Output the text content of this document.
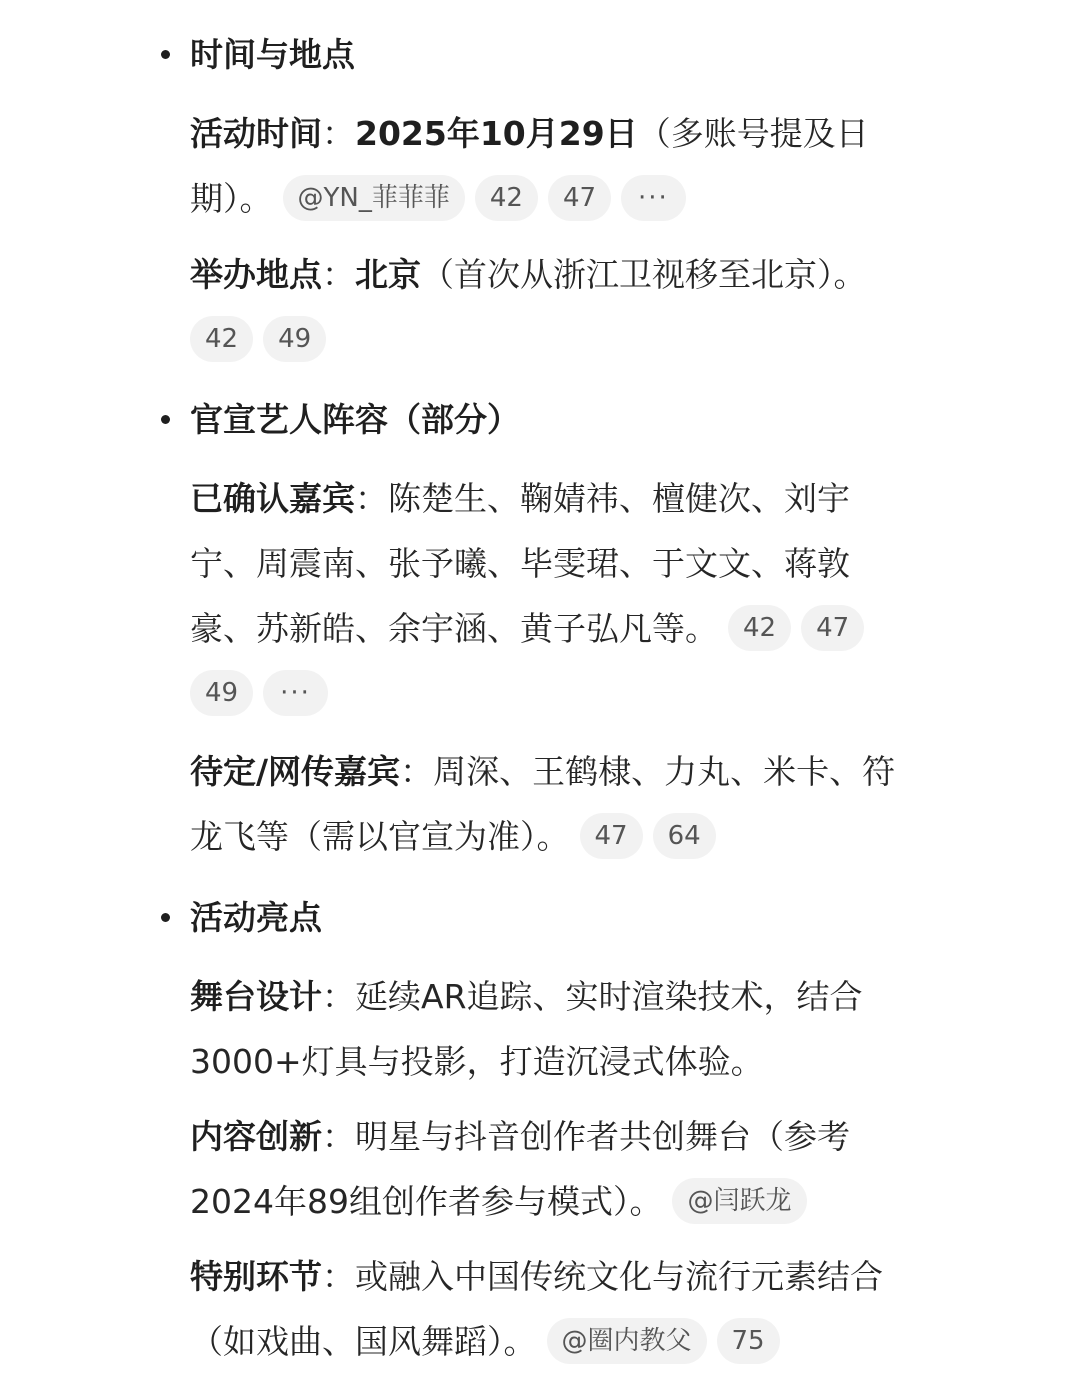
时间与地点
活动时间：2025年10月29日（多账号提及日
期）。 @YN_菲菲菲 42 47 ···
举办地点：北京（首次从浙江卫视移至北京）。
42 49
官宣艺人阵容（部分）
已确认嘉宾：陈楚生、鞠婧祎、檀健次、刘宇
宁、周震南、张予曦、毕雯珺、于文文、蒋敦
豪、苏新皓、余宇涵、黄子弘凡等。 42 47
49 ···
待定/网传嘉宾：周深、王鹤棣、力丸、米卡、符
龙飞等（需以官宣为准）。 47 64
活动亮点
舞台设计：延续AR追踪、实时渲染技术，结合
3000+灯具与投影，打造沉浸式体验。
内容创新：明星与抖音创作者共创舞台（参考
2024年89组创作者参与模式）。 @闫跃龙
特别环节：或融入中国传统文化与流行元素结合
（如戏曲、国风舞蹈）。 @圈内教父 75
